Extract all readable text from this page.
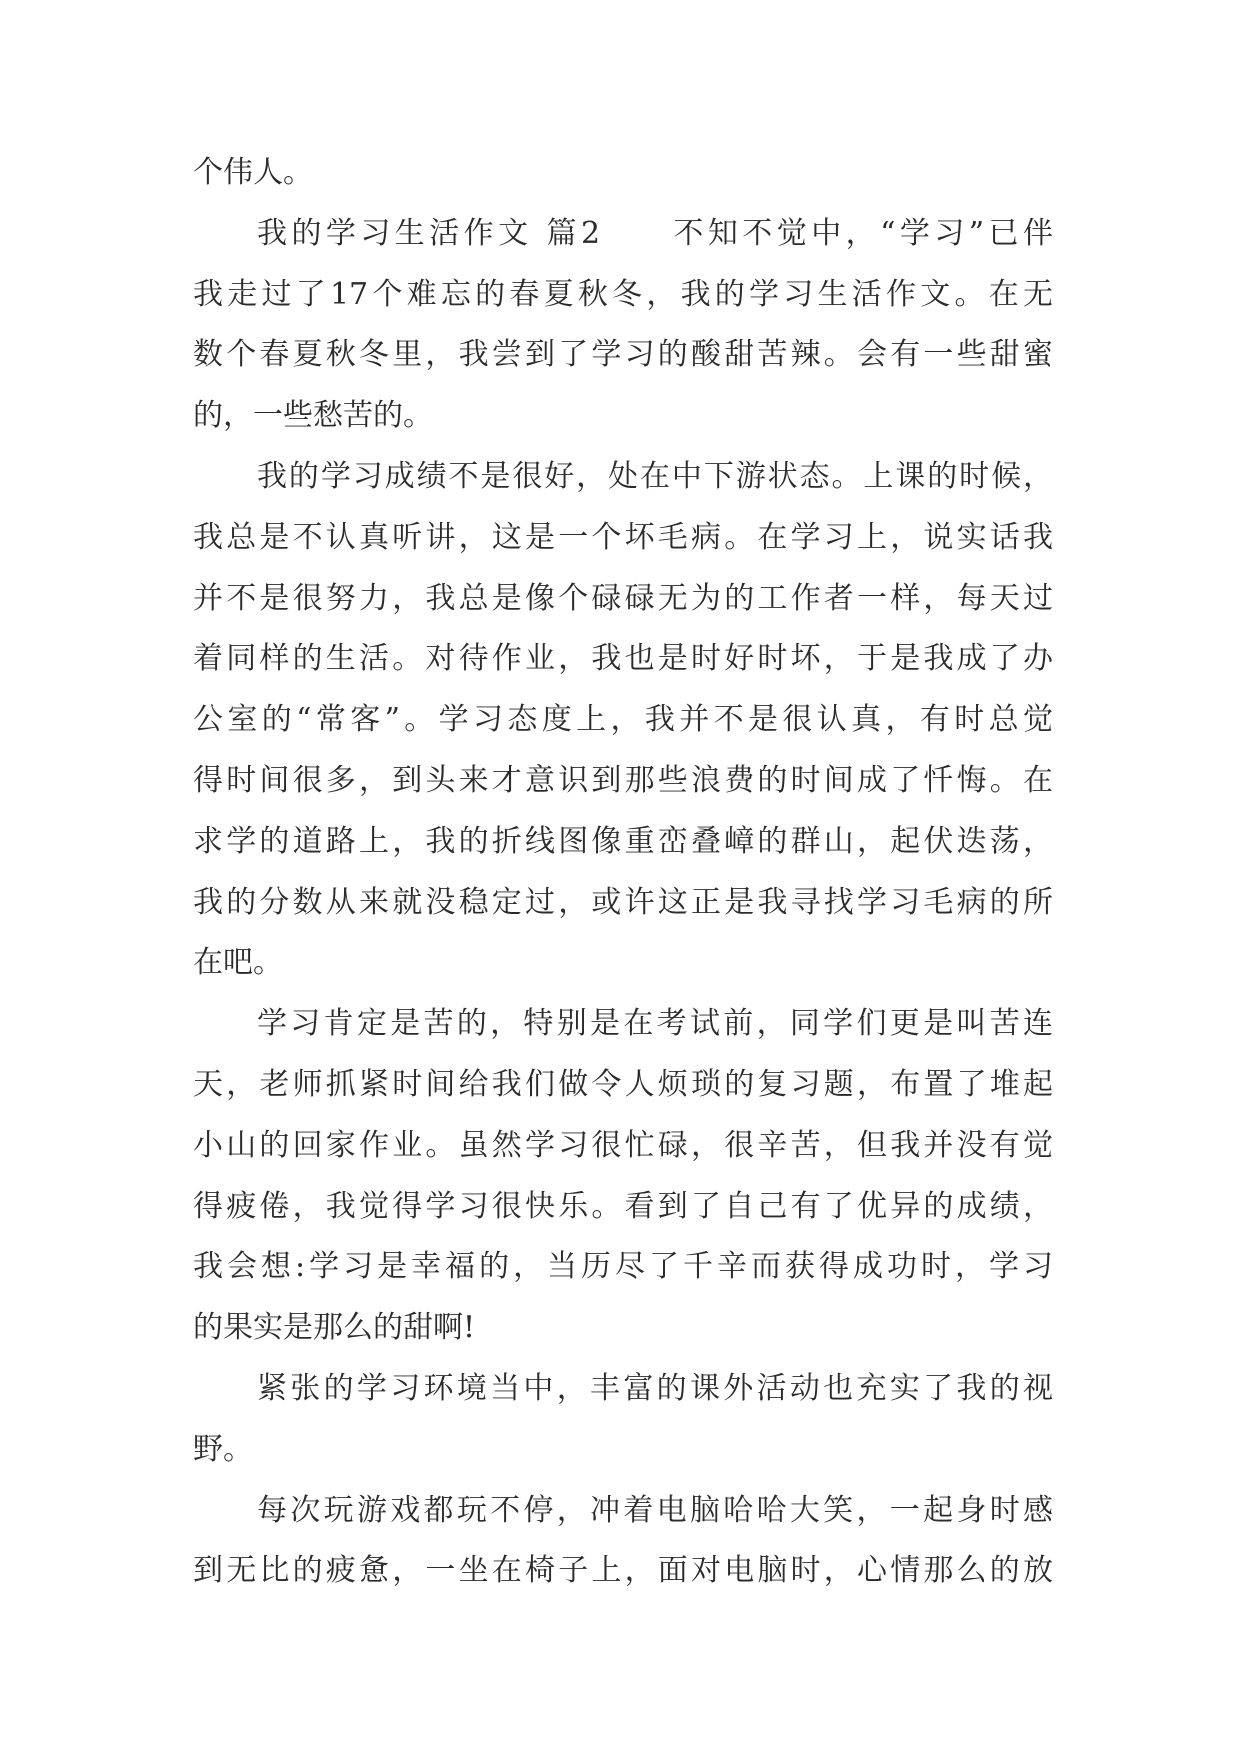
个伟人。
我的学习生活作文 篇2　　不知不觉中，“学习”已伴
我走过了17个难忘的春夏秋冬，我的学习生活作文。在无
数个春夏秋冬里，我尝到了学习的酸甜苦辣。会有一些甜蜜
的，一些愁苦的。
我的学习成绩不是很好，处在中下游状态。上课的时候，
我总是不认真听讲，这是一个坏毛病。在学习上，说实话我
并不是很努力，我总是像个碌碌无为的工作者一样，每天过
着同样的生活。对待作业，我也是时好时坏，于是我成了办
公室的“常客”。学习态度上，我并不是很认真，有时总觉
得时间很多，到头来才意识到那些浪费的时间成了忏悔。在
求学的道路上，我的折线图像重峦叠嶂的群山，起伏迭荡，
我的分数从来就没稳定过，或许这正是我寻找学习毛病的所
在吧。
学习肯定是苦的，特别是在考试前，同学们更是叫苦连
天，老师抓紧时间给我们做令人烦琐的复习题，布置了堆起
小山的回家作业。虽然学习很忙碌，很辛苦，但我并没有觉
得疲倦，我觉得学习很快乐。看到了自己有了优异的成绩，
我会想:学习是幸福的，当历尽了千辛而获得成功时，学习
的果实是那么的甜啊!
紧张的学习环境当中，丰富的课外活动也充实了我的视
野。
每次玩游戏都玩不停，冲着电脑哈哈大笑，一起身时感
到无比的疲惫，一坐在椅子上，面对电脑时，心情那么的放
